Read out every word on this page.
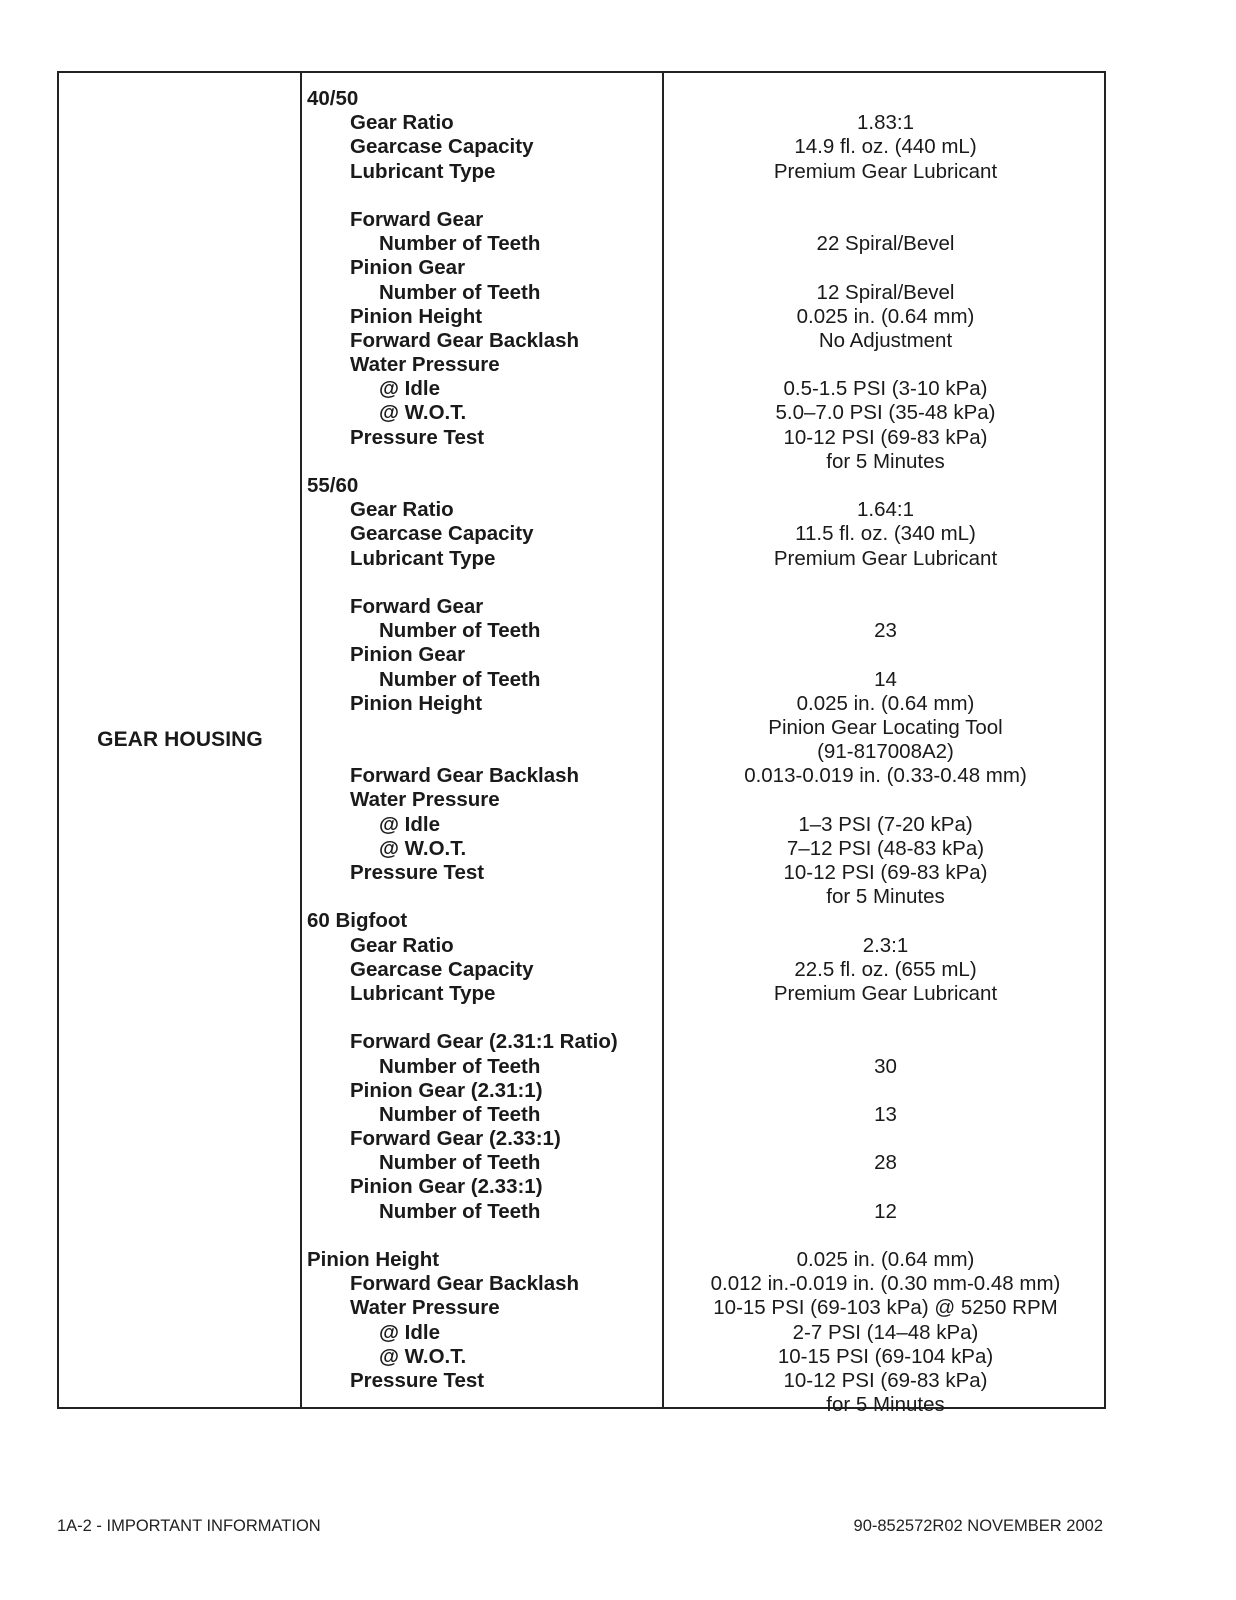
GEAR HOUSING
40/50
Gear Ratio	1.83:1
Gearcase Capacity	14.9 fl. oz. (440 mL)
Lubricant Type	Premium Gear Lubricant
Forward Gear
Number of Teeth	22 Spiral/Bevel
Pinion Gear
Number of Teeth	12 Spiral/Bevel
Pinion Height	0.025 in. (0.64 mm)
Forward Gear Backlash	No Adjustment
Water Pressure
@ Idle	0.5-1.5 PSI (3-10 kPa)
@ W.O.T.	5.0–7.0 PSI (35-48 kPa)
Pressure Test	10-12 PSI (69-83 kPa)
for 5 Minutes
55/60
Gear Ratio	1.64:1
Gearcase Capacity	11.5 fl. oz. (340 mL)
Lubricant Type	Premium Gear Lubricant
Forward Gear
Number of Teeth	23
Pinion Gear
Number of Teeth	14
Pinion Height	0.025 in. (0.64 mm)
Pinion Gear Locating Tool
(91-817008A2)
Forward Gear Backlash	0.013-0.019 in. (0.33-0.48 mm)
Water Pressure
@ Idle	1–3 PSI (7-20 kPa)
@ W.O.T.	7–12 PSI (48-83 kPa)
Pressure Test	10-12 PSI (69-83 kPa)
for 5 Minutes
60 Bigfoot
Gear Ratio	2.3:1
Gearcase Capacity	22.5 fl. oz. (655 mL)
Lubricant Type	Premium Gear Lubricant
Forward Gear (2.31:1 Ratio)
Number of Teeth	30
Pinion Gear (2.31:1)
Number of Teeth	13
Forward Gear (2.33:1)
Number of Teeth	28
Pinion Gear (2.33:1)
Number of Teeth	12
Pinion Height	0.025 in. (0.64 mm)
Forward Gear Backlash	0.012 in.-0.019 in. (0.30 mm-0.48 mm)
Water Pressure	10-15 PSI (69-103 kPa) @ 5250 RPM
@ Idle	2-7 PSI (14–48 kPa)
@ W.O.T.	10-15 PSI (69-104 kPa)
Pressure Test	10-12 PSI (69-83 kPa)
for 5 Minutes
1A-2 - IMPORTANT INFORMATION	90-852572R02 NOVEMBER 2002
